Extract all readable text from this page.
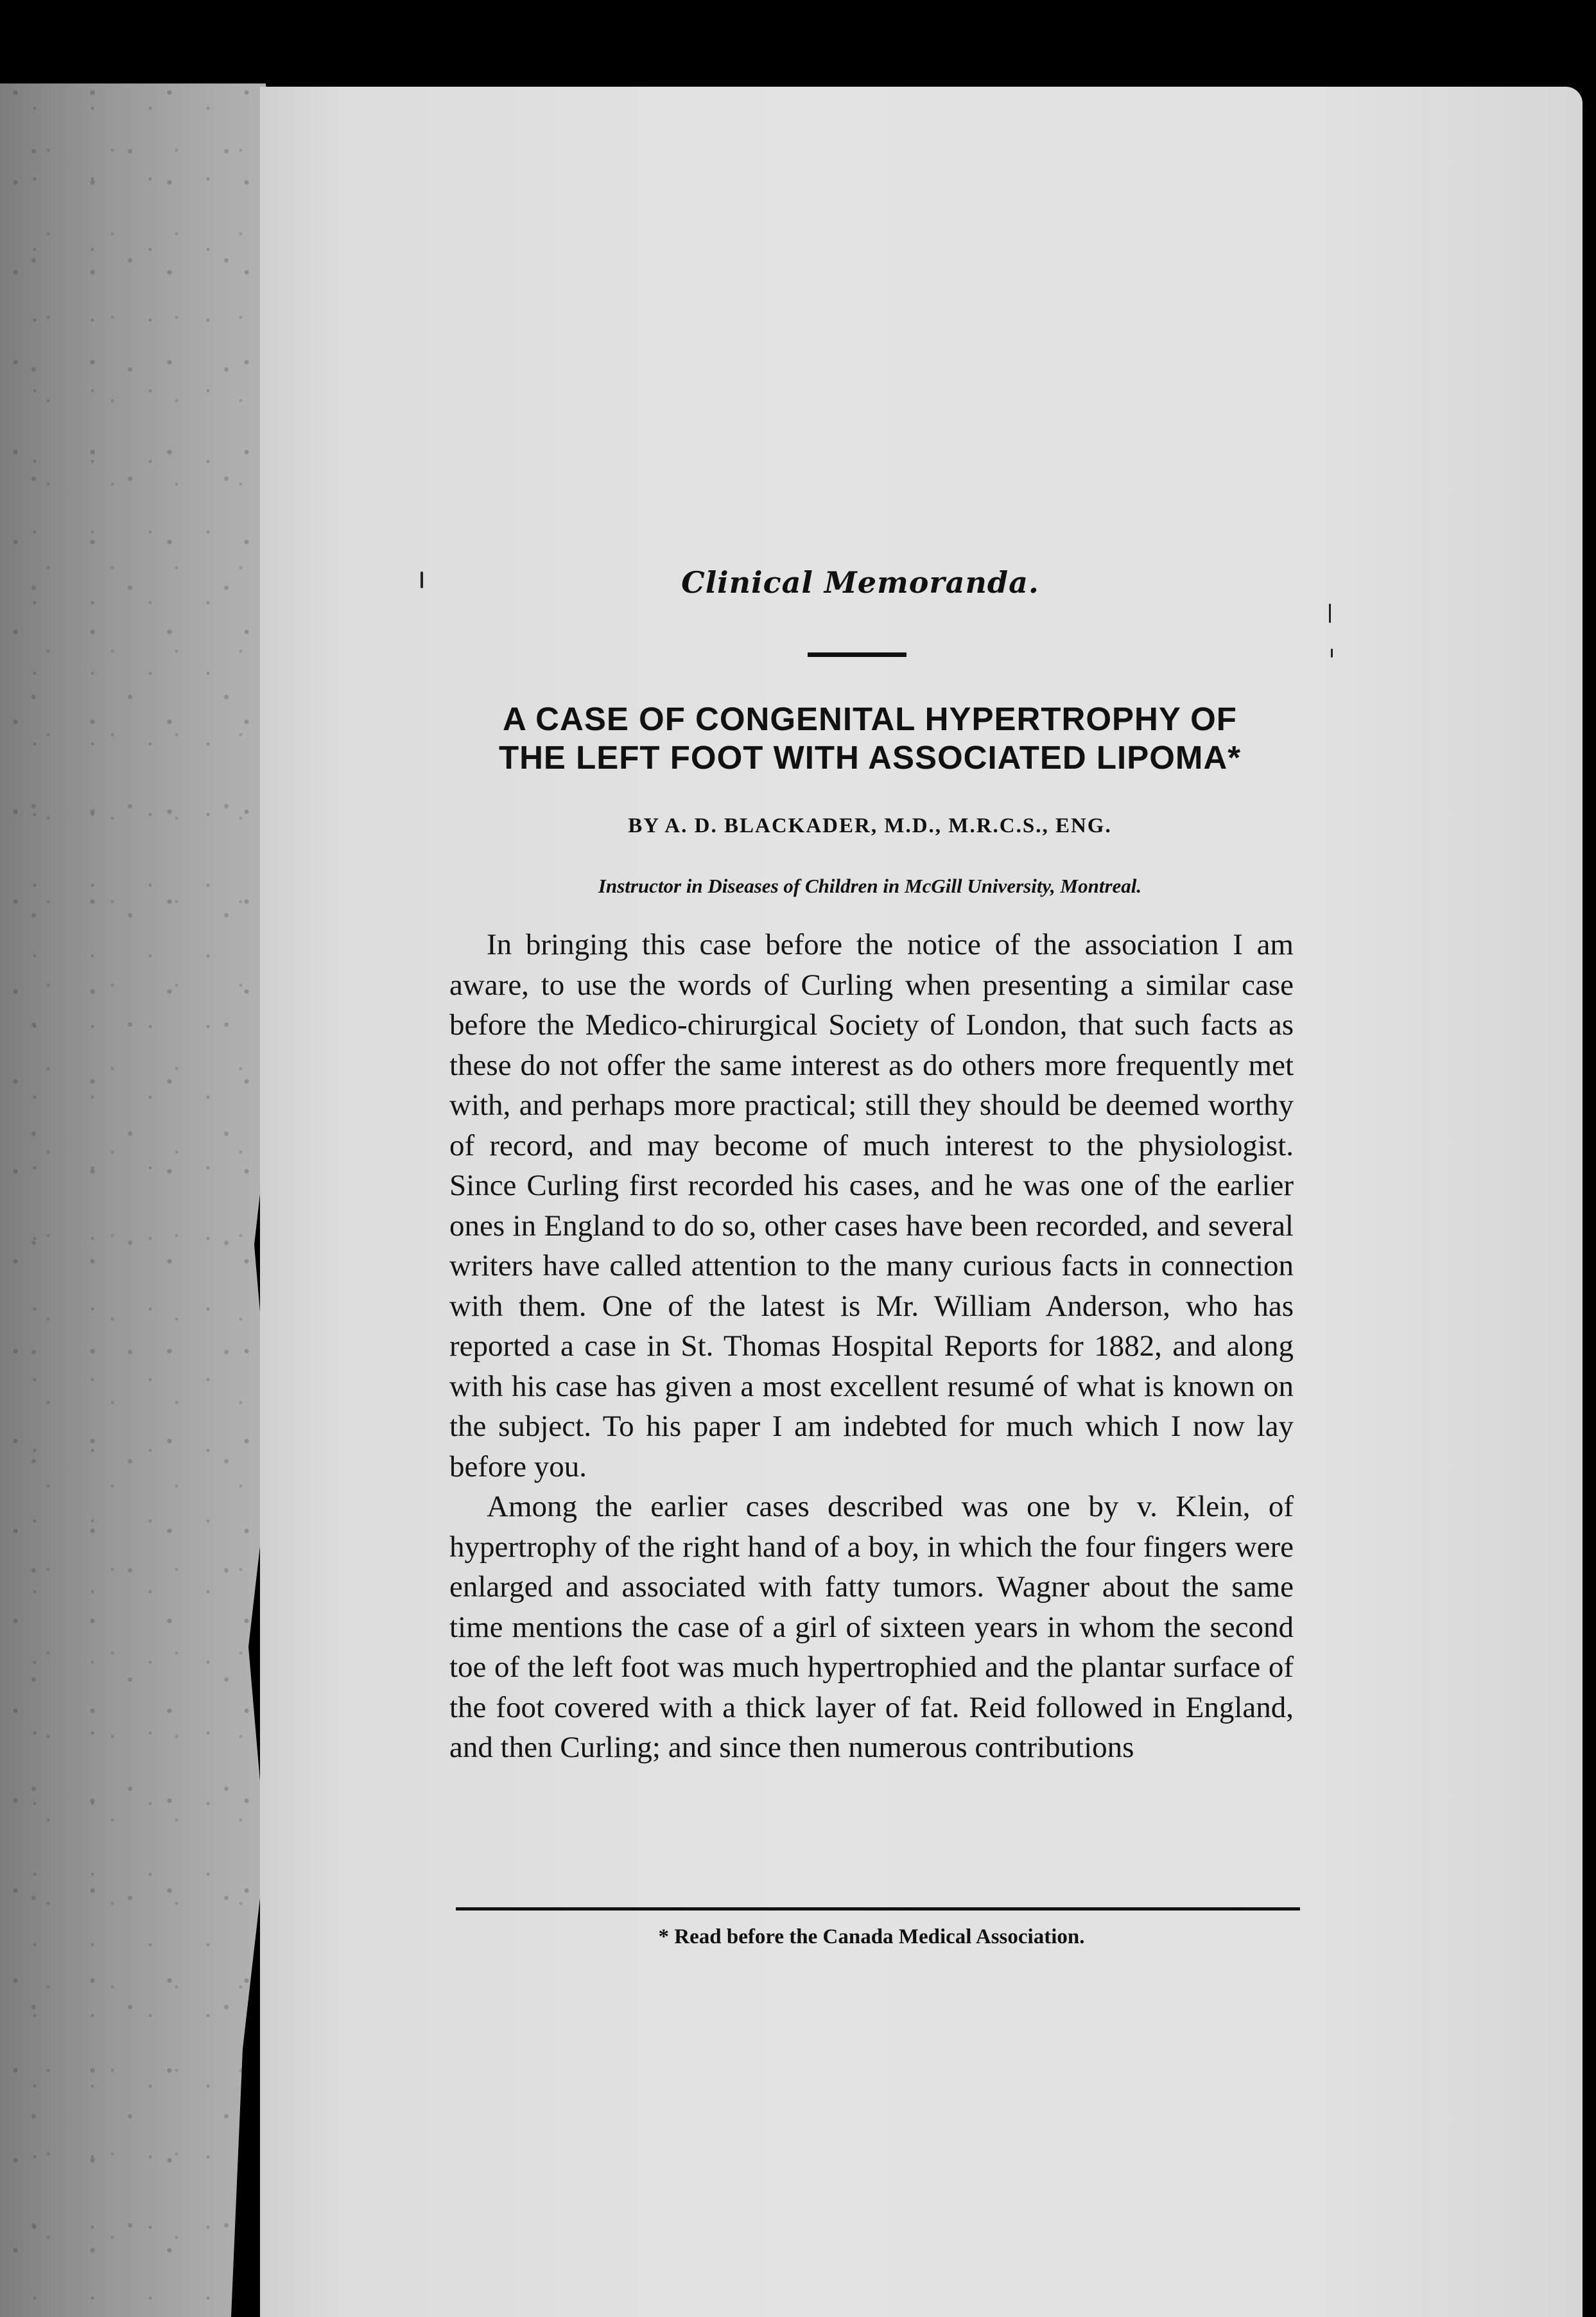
Clinical Memoranda.
A CASE OF CONGENITAL HYPERTROPHY OF
THE LEFT FOOT WITH ASSOCIATED LIPOMA*
BY A. D. BLACKADER, M.D., M.R.C.S., ENG.
Instructor in Diseases of Children in McGill University, Montreal.

In bringing this case before the notice of the association I am aware, to use the words of Curling when presenting a similar case before the Medico-chirurgical Society of London, that such facts as these do not offer the same interest as do others more frequently met with, and perhaps more practical; still they should be deemed worthy of record, and may become of much interest to the physiologist. Since Curling first recorded his cases, and he was one of the earlier ones in England to do so, other cases have been recorded, and several writers have called attention to the many curious facts in connection with them. One of the latest is Mr. William Anderson, who has reported a case in St. Thomas Hospital Reports for 1882, and along with his case has given a most excellent resumé of what is known on the subject. To his paper I am indebted for much which I now lay before you.

Among the earlier cases described was one by v. Klein, of hypertrophy of the right hand of a boy, in which the four fingers were enlarged and associated with fatty tumors. Wagner about the same time mentions the case of a girl of sixteen years in whom the second toe of the left foot was much hypertrophied and the plantar surface of the foot covered with a thick layer of fat. Reid followed in England, and then Curling; and since then numerous contributions

* Read before the Canada Medical Association.
